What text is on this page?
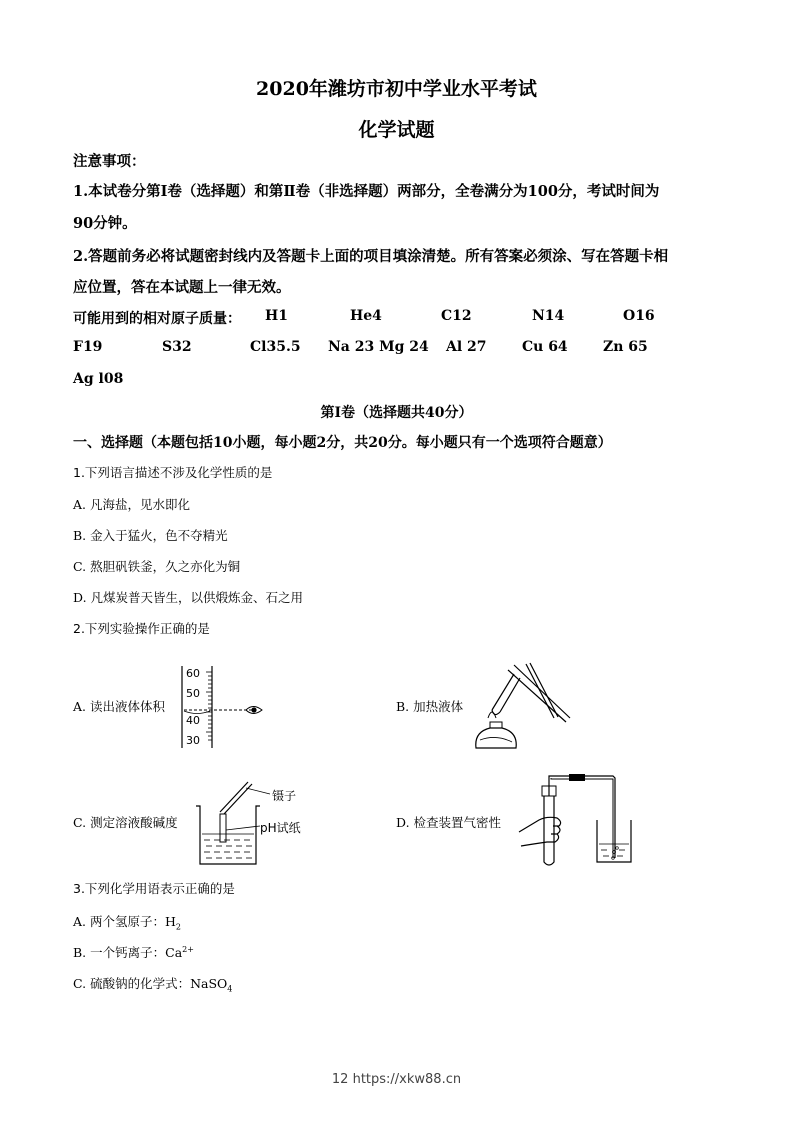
2020年潍坊市初中学业水平考试
化学试题
注意事项：
1.本试卷分第Ⅰ卷（选择题）和第Ⅱ卷（非选择题）两部分，全卷满分为100分，考试时间为
90分钟。
2.答题前务必将试题密封线内及答题卡上面的项目填涂清楚。所有答案必须涂、写在答题卡相
应位置，答在本试题上一律无效。
可能用到的相对原子质量： H1	He4	C12	N14	O16
F19	S32	Cl35.5 Na 23 Mg 24 Al 27	Cu 64	Zn 65
Ag l08
第I卷（选择题共40分）
一、选择题（本题包括10小题，每小题2分，共20分。每小题只有一个选项符合题意）
1.下列语言描述不涉及化学性质的是
A. 凡海盐，见水即化
B. 金入于猛火，色不夺精光
C. 熬胆矾铁釜，久之亦化为铜
D. 凡煤炭普天皆生，以供煅炼金、石之用
2.下列实验操作正确的是
A. 读出液体体积
60
50
40
30
B. 加热液体
C. 测定溶液酸碱度
镊子
pH试纸	D. 检查装置气密性
3.下列化学用语表示正确的是
A. 两个氢原子：$H_2$
B. 一个钙离子：$Ca^{2+}$
C. 硫酸钠的化学式：NaSO$_4$
12 https://xkw88.cn
